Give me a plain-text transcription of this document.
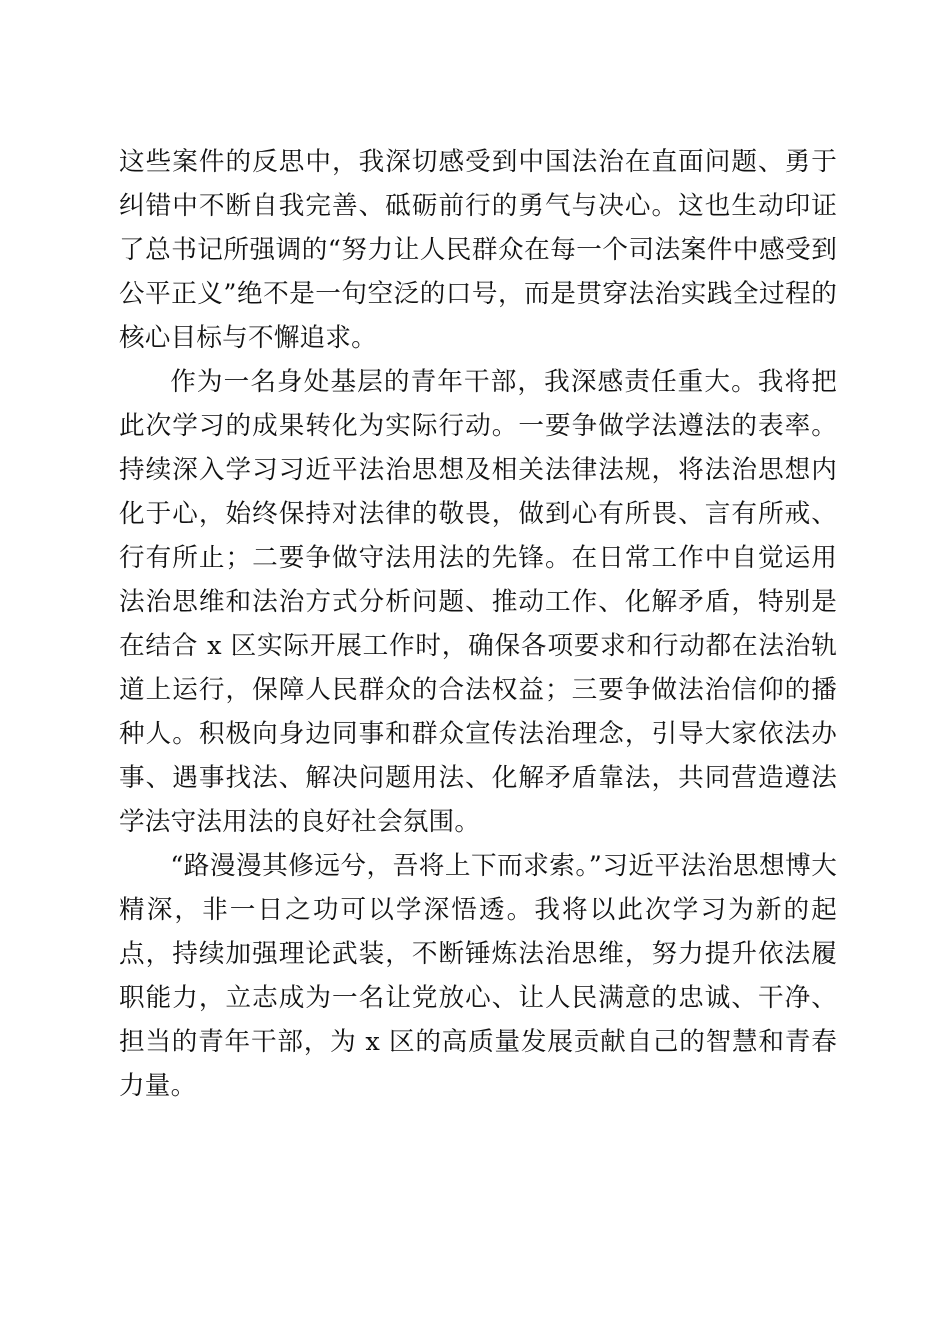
这些案件的反思中，我深切感受到中国法治在直面问题、勇于纠错中不断自我完善、砥砺前行的勇气与决心。这也生动印证了总书记所强调的“努力让人民群众在每一个司法案件中感受到公平正义”绝不是一句空泛的口号，而是贯穿法治实践全过程的核心目标与不懈追求。

作为一名身处基层的青年干部，我深感责任重大。我将把此次学习的成果转化为实际行动。一要争做学法遵法的表率。持续深入学习习近平法治思想及相关法律法规，将法治思想内化于心，始终保持对法律的敬畏，做到心有所畏、言有所戒、行有所止；二要争做守法用法的先锋。在日常工作中自觉运用法治思维和法治方式分析问题、推动工作、化解矛盾，特别是在结合 x 区实际开展工作时，确保各项要求和行动都在法治轨道上运行，保障人民群众的合法权益；三要争做法治信仰的播种人。积极向身边同事和群众宣传法治理念，引导大家依法办事、遇事找法、解决问题用法、化解矛盾靠法，共同营造遵法学法守法用法的良好社会氛围。

“路漫漫其修远兮，吾将上下而求索。”习近平法治思想博大精深，非一日之功可以学深悟透。我将以此次学习为新的起点，持续加强理论武装，不断锤炼法治思维，努力提升依法履职能力，立志成为一名让党放心、让人民满意的忠诚、干净、担当的青年干部，为 x 区的高质量发展贡献自己的智慧和青春力量。
